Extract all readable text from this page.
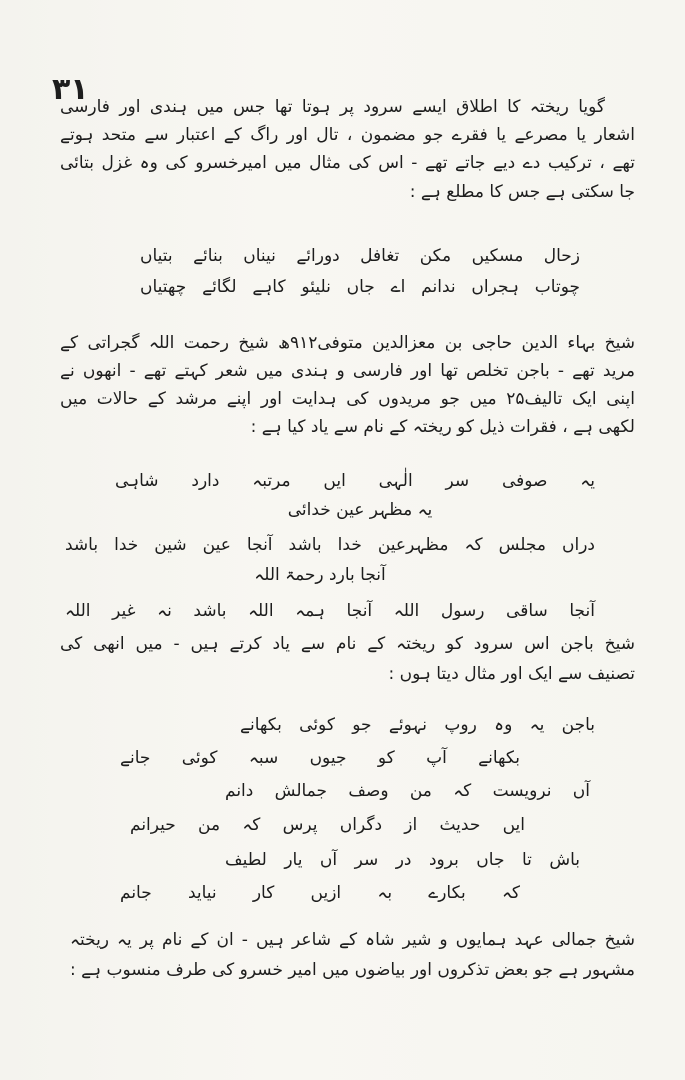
۳۱
گویا ریختہ کا اطلاق ایسے سرود پر ہوتا تھا جس میں ہندی اور فارسی
اشعار یا مصرعے یا فقرے جو مضمون ، تال اور راگ کے اعتبار سے متحد ہوتے
تھے ، ترکیب دے دیے جاتے تھے - اس کی مثال میں امیرخسرو کی وہ غزل بتائی
جا سکتی ہے جس کا مطلع ہے :
زحال مسکیں مکن تغافل دورائے نیناں بنائے بتیاں
چوتاب ہجراں ندانم اے جاں نلیئو کاہے لگائے چھتیاں
شیخ بہاء الدین حاجی بن معزالدین متوفی۹۱۲ھ شیخ رحمت اللہ گجراتی کے
مرید تھے - باجن تخلص تھا اور فارسی و ہندی میں شعر کہتے تھے - انھوں نے
اپنی ایک تالیف۲۵ میں جو مریدوں کی ہدایت اور اپنے مرشد کے حالات میں
لکھی ہے ، فقرات ذیل کو ریختہ کے نام سے یاد کیا ہے :
یہ صوفی سر الٰہی ایں مرتبہ دارد شاہی
یہ مظہر عین خدائی
دراں مجلس کہ مظہرعین خدا باشد آنجا عین شین خدا باشد
آنجا بارد رحمۃ اللہ
آنجا ساقی رسول اللہ آنجا ہمہ اللہ باشد نہ غیر اللہ
شیخ باجن اس سرود کو ریختہ کے نام سے یاد کرتے ہیں - میں انھی کی
تصنیف سے ایک اور مثال دیتا ہوں :
باجن یہ وہ روپ نہوئے جو کوئی بکھانے
بکھانے آپ کو جیوں سبہ کوئی جانے
آں نرویست کہ من وصف جمالش دانم
ایں حدیث از دگراں پرس کہ من حیرانم
باش تا جاں برود در سر آں یار لطیف
کہ بکارے بہ ازیں کار نیاید جانم
شیخ جمالی عہد ہمایوں و شیر شاہ کے شاعر ہیں - ان کے نام پر یہ ریختہ
مشہور ہے جو بعض تذکروں اور بیاضوں میں امیر خسرو کی طرف منسوب ہے :
